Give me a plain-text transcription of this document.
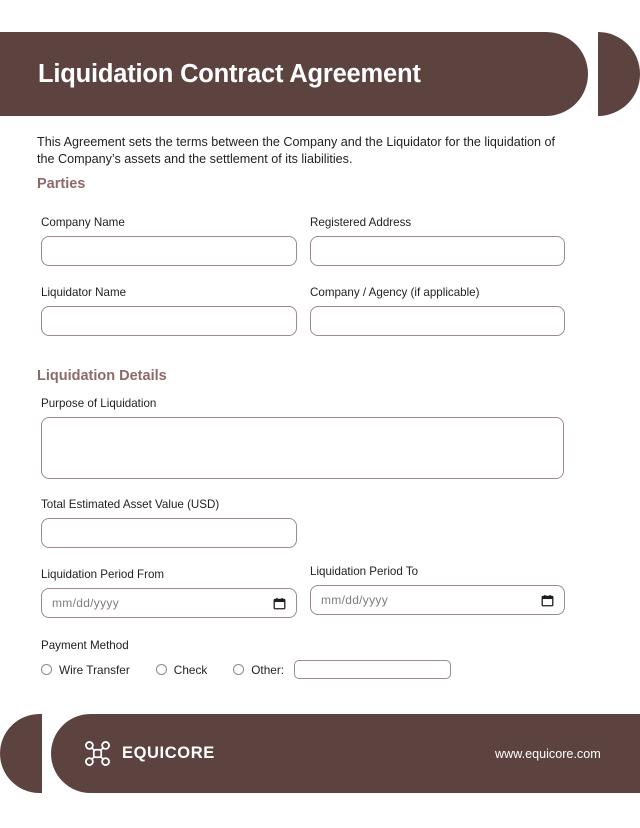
Liquidation Contract Agreement

This Agreement sets the terms between the Company and the Liquidator for the liquidation of the Company’s assets and the settlement of its liabilities.

Parties
Company Name	Registered Address
Liquidator Name	Company / Agency (if applicable)
Liquidation Details
Purpose of Liquidation
Total Estimated Asset Value (USD)
Liquidation Period From
mm/dd/yyyy
Liquidation Period To
mm/dd/yyyy
Payment Method
Wire Transfer	Check	Other:
EQUICORE	www.equicore.com
